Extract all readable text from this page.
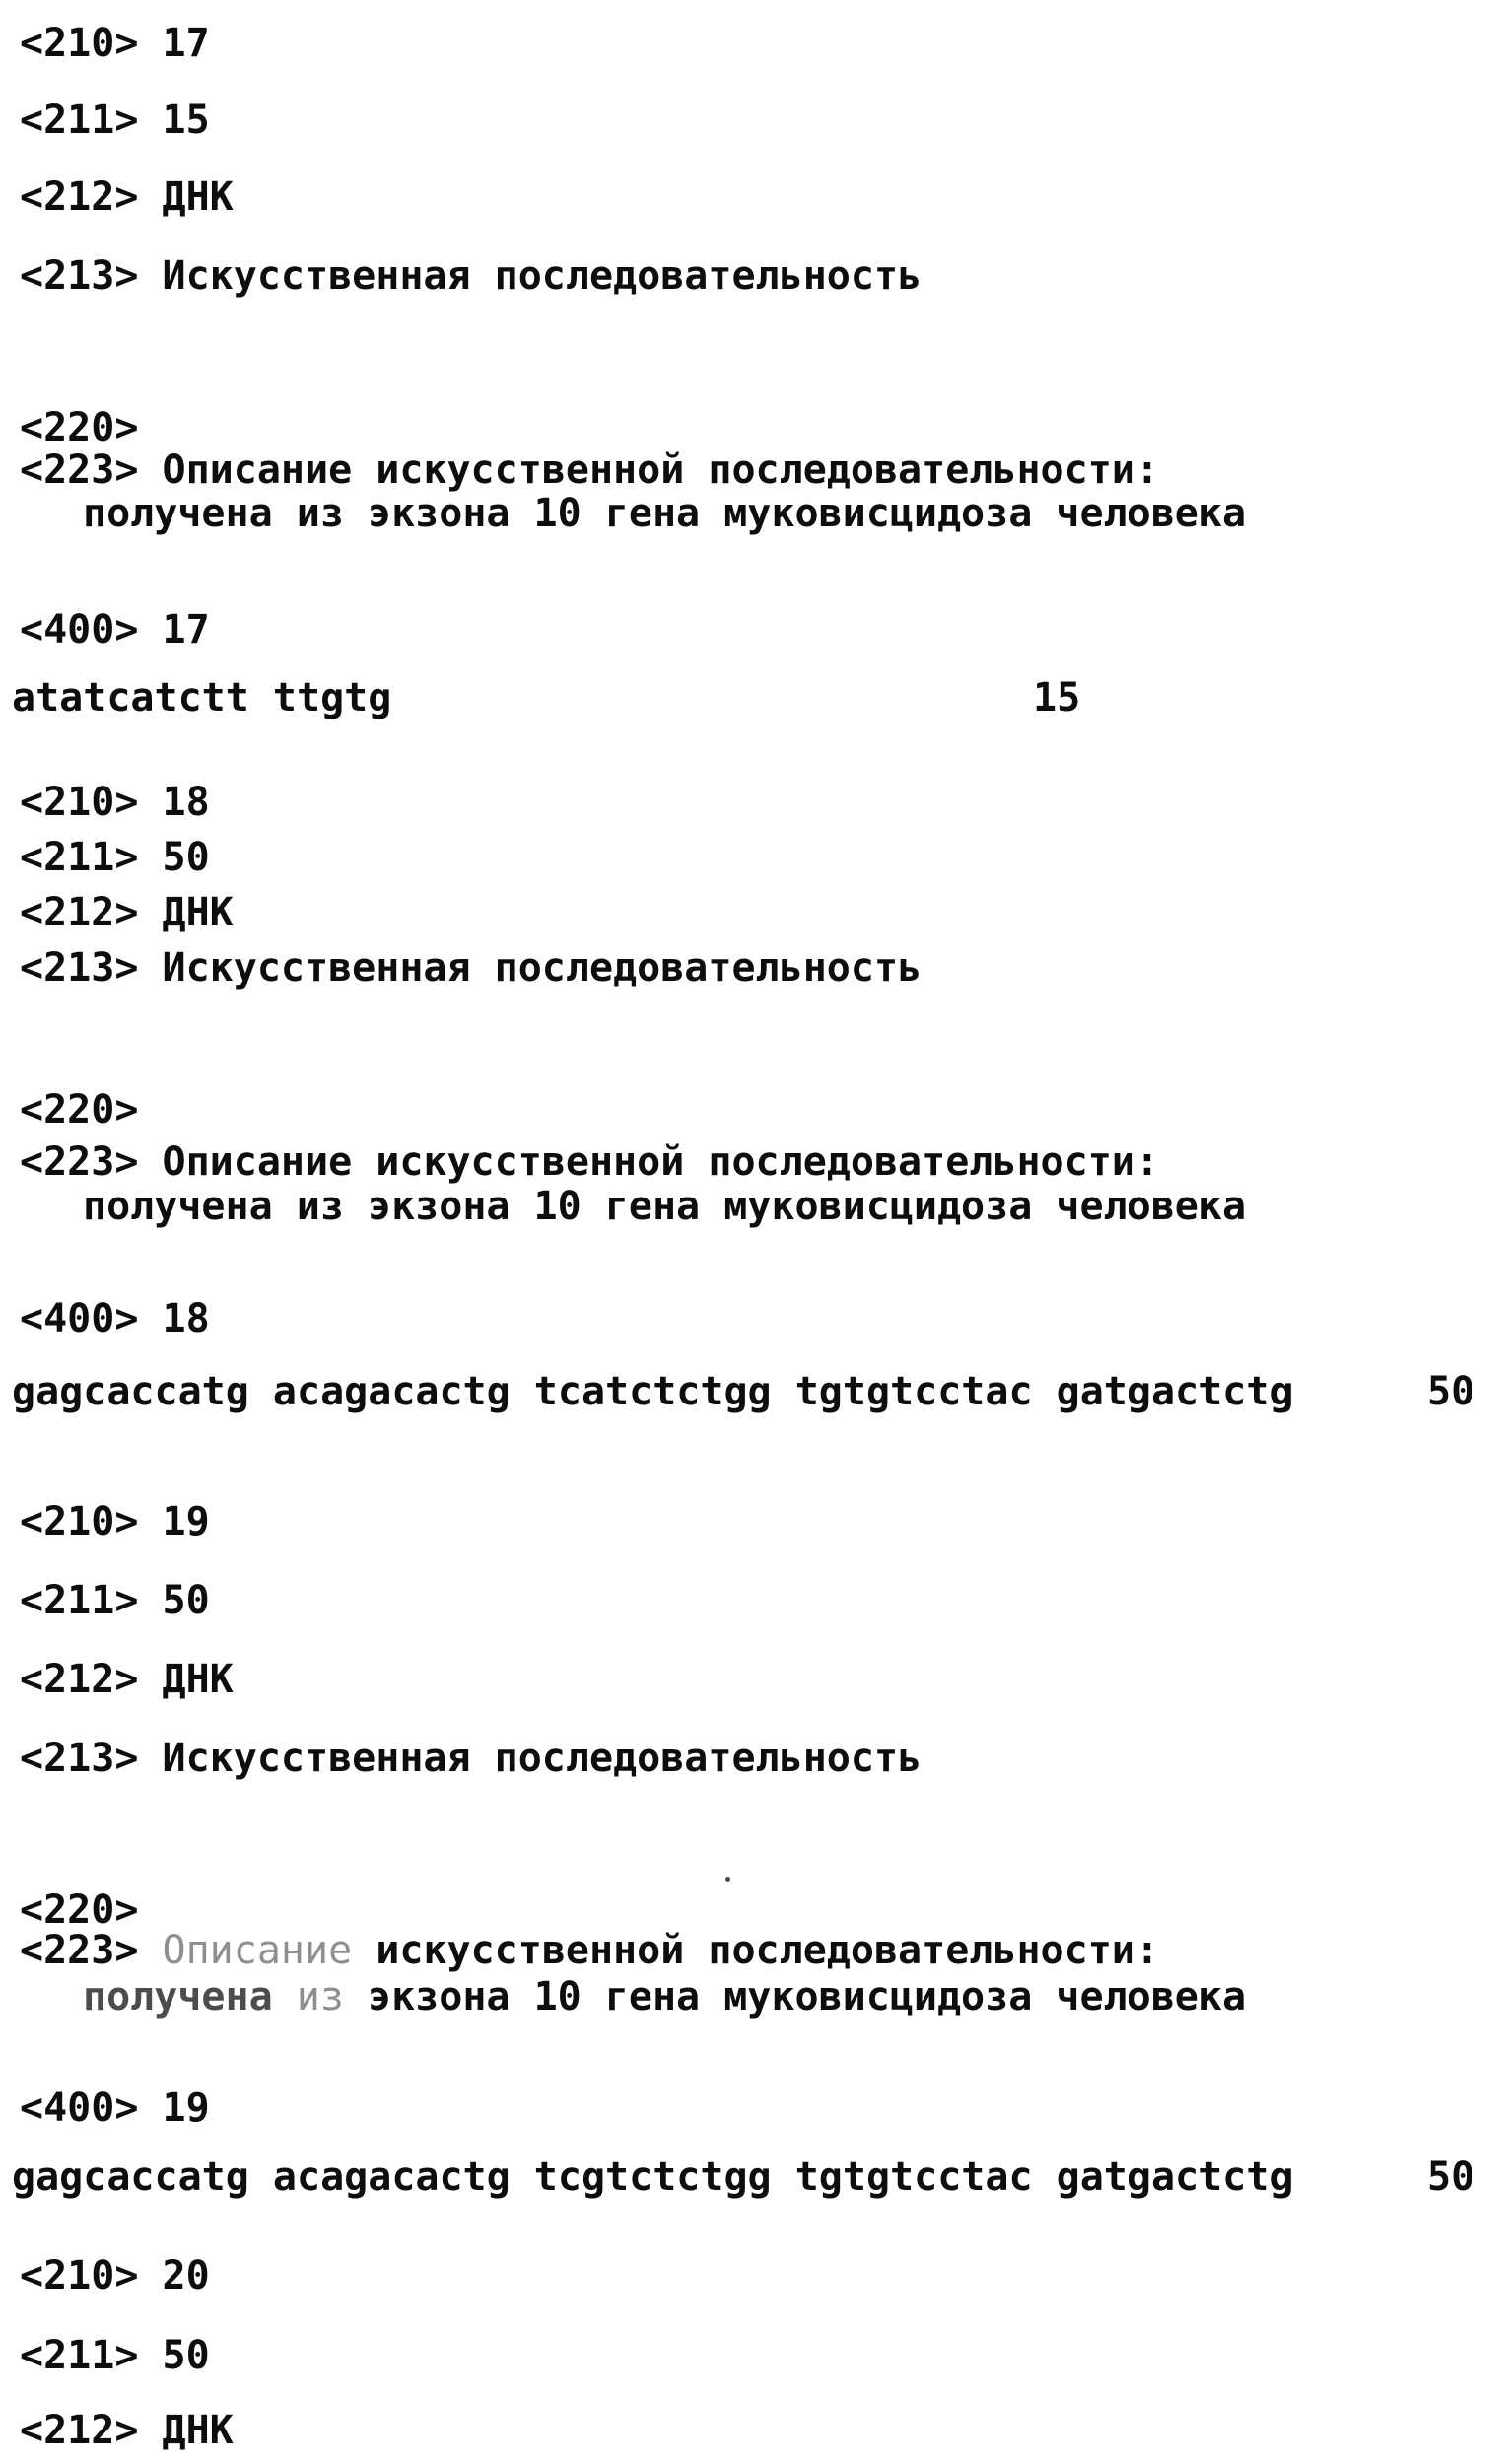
<210> 17
<211> 15
<212> ДНК
<213> Искусственная последовательность
<220>
<223> Описание искусственной последовательности:
получена из экзона 10 гена муковисцидоза человека
<400> 17
atatcatctt ttgtg	15
<210> 18
<211> 50
<212> ДНК
<213> Искусственная последовательность
<220>
<223> Описание искусственной последовательности:
получена из экзона 10 гена муковисцидоза человека
<400> 18
gagcaccatg acagacactg tcatctctgg tgtgtcctac gatgactctg	50
<210> 19
<211> 50
<212> ДНК
<213> Искусственная последовательность
<220>
<223> Описание искусственной последовательности:
получена из экзона 10 гена муковисцидоза человека
<400> 19
gagcaccatg acagacactg tcgtctctgg tgtgtcctac gatgactctg	50
<210> 20
<211> 50
<212> ДНК
